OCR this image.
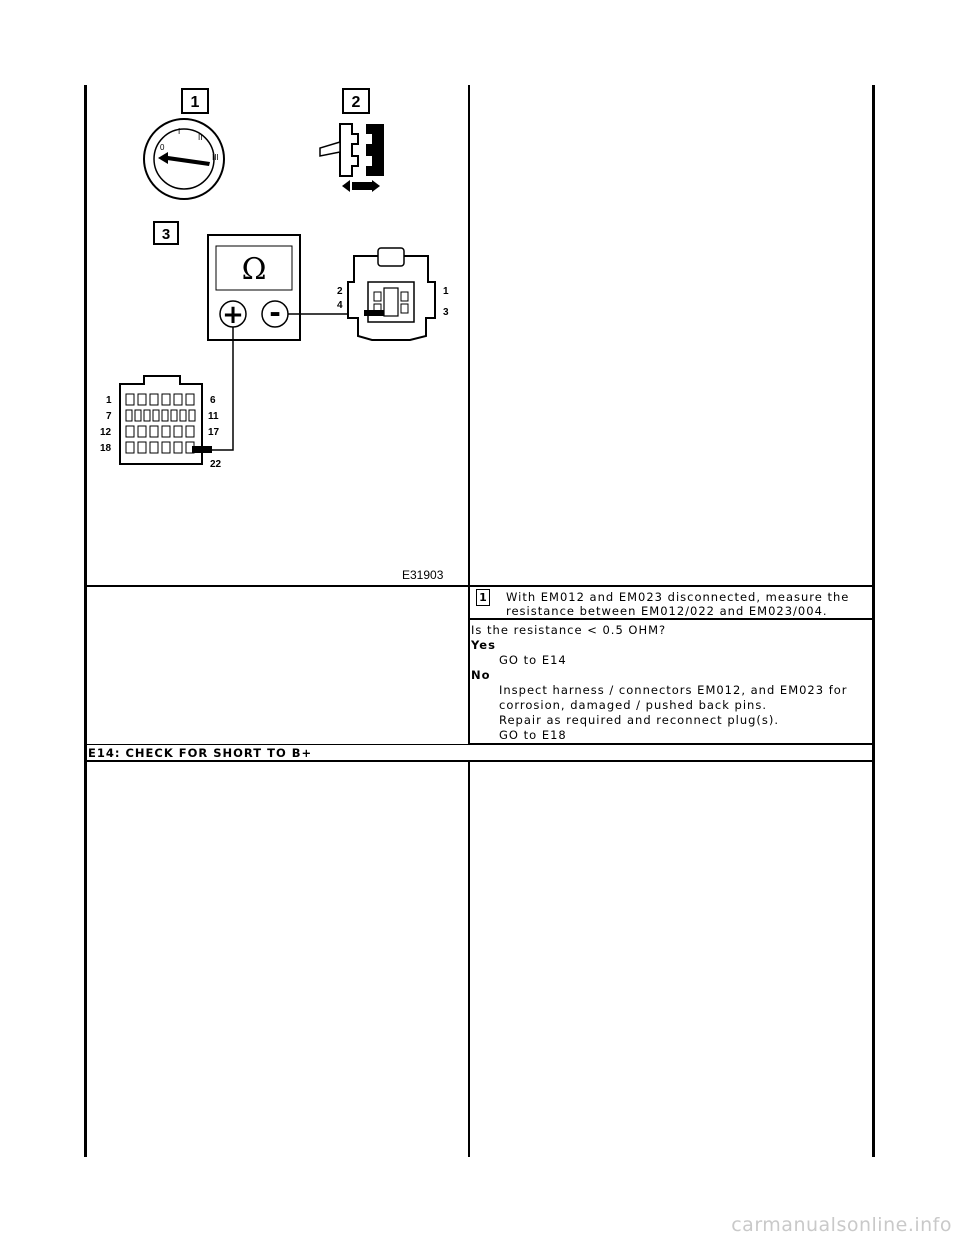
1	2
3
0
I
II
III
Ω
+ -
2
4
1
3
1
7
12
18
6
11
17
22
E31903
1 With EM012 and EM023 disconnected, measure the
resistance between EM012/022 and EM023/004.
Is the resistance < 0.5 OHM?
Yes
GO to E14
No
Inspect harness / connectors EM012, and EM023 for
corrosion, damaged / pushed back pins.
Repair as required and reconnect plug(s).
GO to E18
E14: CHECK FOR SHORT TO B+
carmanualsonline.info
